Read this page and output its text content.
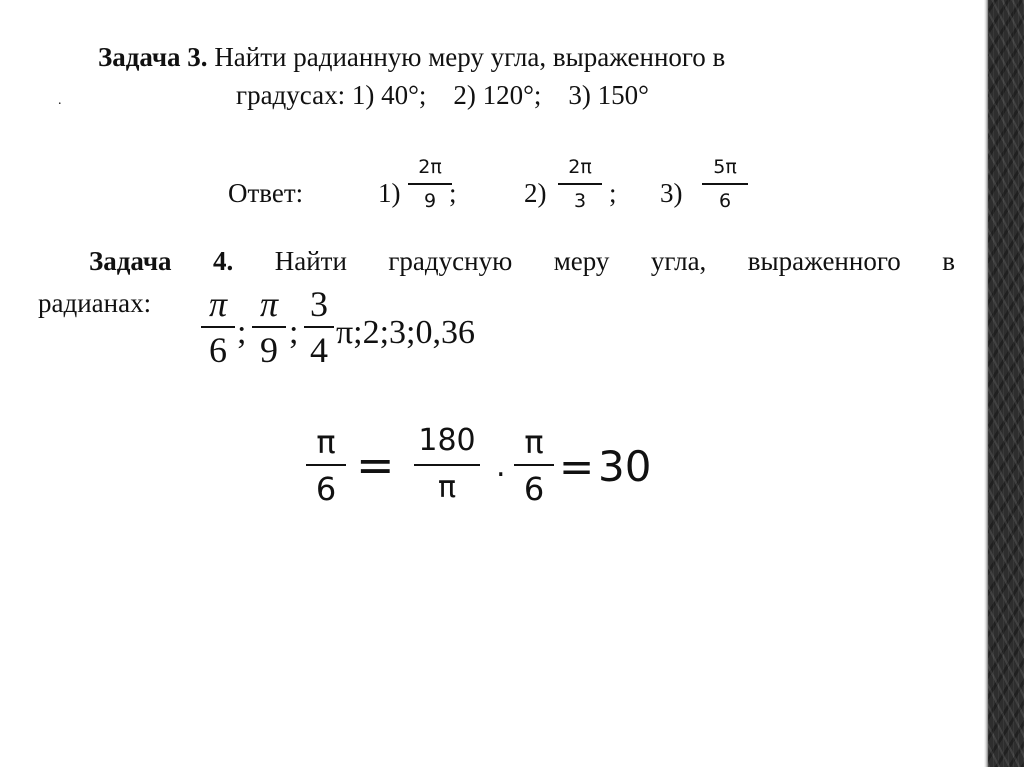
Задача 3. Найти радианную меру угла, выраженного в
.	градусах: 1) 40°;    2) 120°;    3) 150°
Ответ:	1)
2π
9 ; 2)
2π
3 ; 3)
5π
6
Задача 4. Найти градусную меру угла, выраженного в
радианах: π
6 ;
π
9 ;
3
4 π;2;3;0,36
π
6 = 180
π
.
π
6 = 30
